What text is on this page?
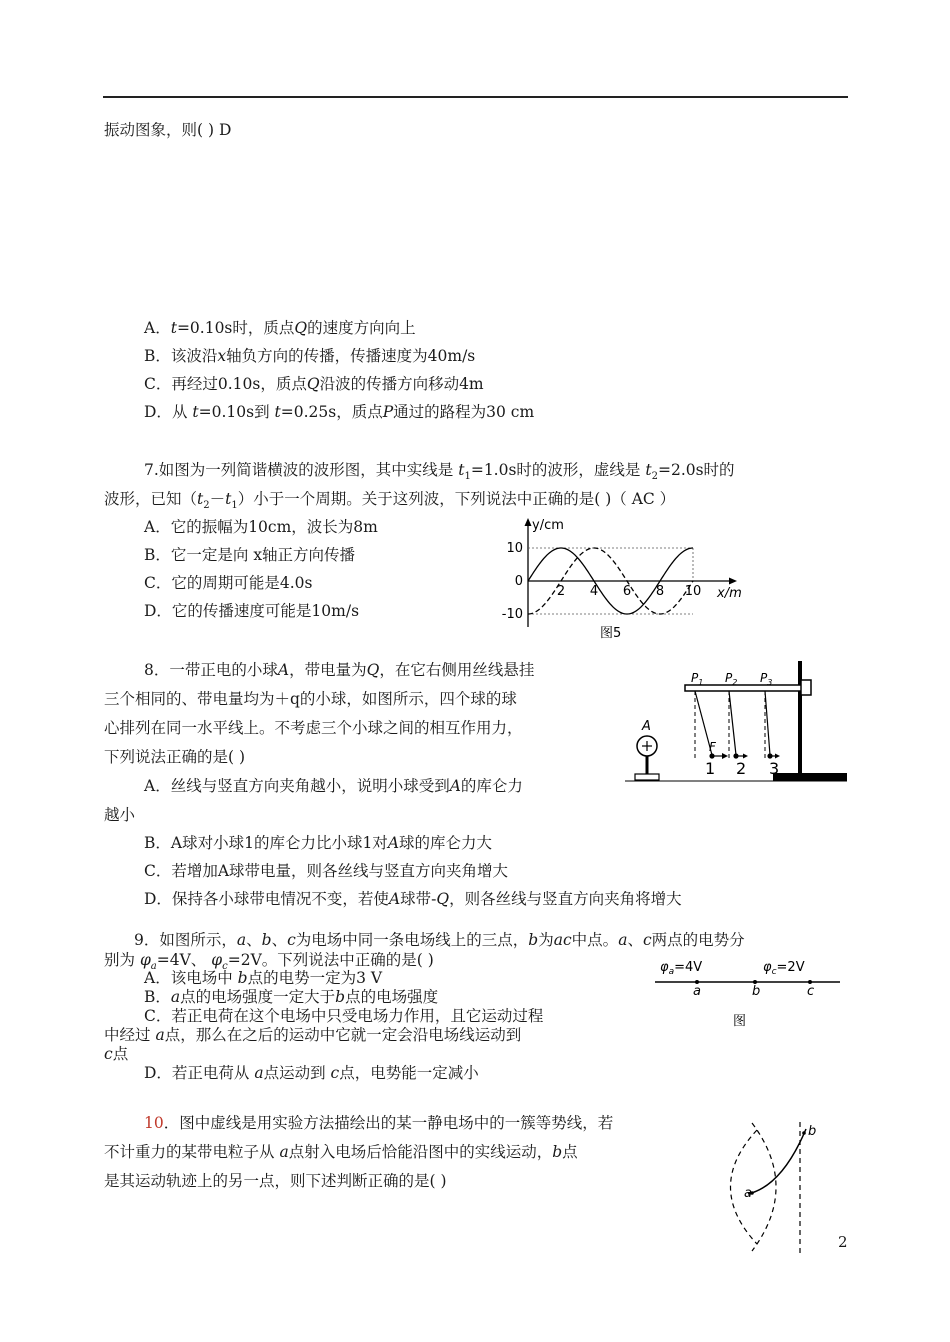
振动图象，则( ) D
A．t=0.10s时，质点Q的速度方向向上
B．该波沿x轴负方向的传播，传播速度为40m/s
C．再经过0.10s，质点Q沿波的传播方向移动4m
D．从 t=0.10s到 t=0.25s，质点P通过的路程为30 cm
7.如图为一列简谐横波的波形图，其中实线是 $t_1=1.0s$时的波形，虚线是 $t_2=2.0s$时的
波形，已知$(t_2-t_1)$小于一个周期。关于这列波，下列说法中正确的是( )（ AC ）
A．它的振幅为10cm，波长为8m
B．它一定是向 x轴正方向传播
C．它的周期可能是4.0s
D．它的传播速度可能是10m/s
10
0
-10
2 4 6 8 10
y/cm
x/m
图5
8．一带正电的小球A，带电量为Q，在它右侧用丝线悬挂
三个相同的、带电量均为＋q的小球，如图所示，四个球的球
心排列在同一水平线上。不考虑三个小球之间的相互作用力，
下列说法正确的是( )
A．丝线与竖直方向夹角越小，说明小球受到A的库仑力
越小
B．A球对小球1的库仑力比小球1对A球的库仑力大
C．若增加A球带电量，则各丝线与竖直方向夹角增大
D．保持各小球带电情况不变，若使A球带-Q，则各丝线与竖直方向夹角将增大
$P_1$ $P_2$ $P_3$
A
F
1 2 3
9．如图所示，a、b、c为电场中同一条电场线上的三点，b为ac中点。a、c两点的电势分
别为 $\varphi_a=4V$、 $\varphi_c=2V$。下列说法中正确的是( )
A．该电场中 b点的电势一定为3 V
B．a点的电场强度一定大于b点的电场强度
C．若正电荷在这个电场中只受电场力作用，且它运动过程
中经过 a点，那么在之后的运动中它就一定会沿电场线运动到
c点
D．若正电荷从 a点运动到 c点，电势能一定减小
$\varphi_a=4V$	$\varphi_c=2V$
a	b	c
图
10．图中虚线是用实验方法描绘出的某一静电场中的一簇等势线，若
不计重力的某带电粒子从 a点射入电场后恰能沿图中的实线运动，b点
是其运动轨迹上的另一点，则下述判断正确的是( )
a
b
2
